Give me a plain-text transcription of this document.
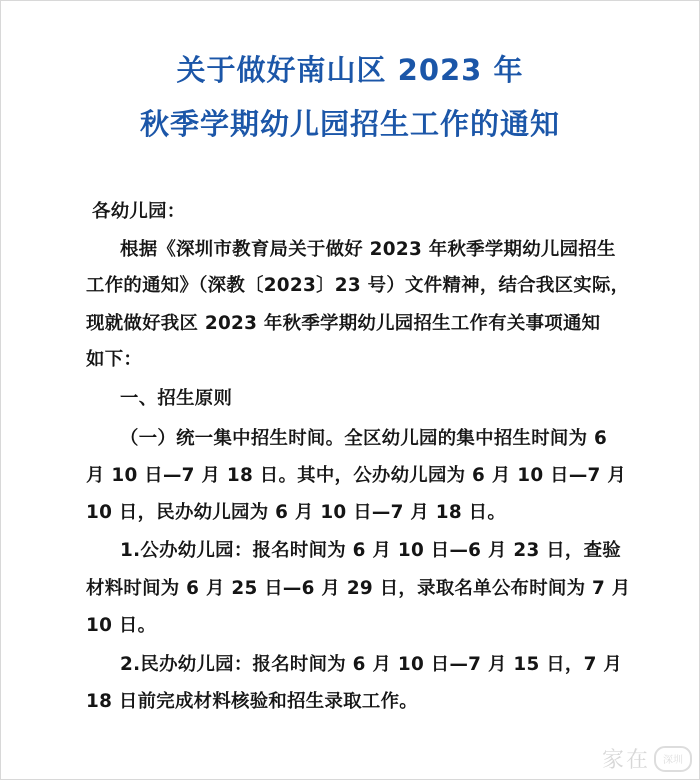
关于做好南山区 2023 年
秋季学期幼儿园招生工作的通知
各幼儿园：
根据《深圳市教育局关于做好 2023 年秋季学期幼儿园招生
工作的通知》（深教〔2023〕23 号）文件精神，结合我区实际，
现就做好我区 2023 年秋季学期幼儿园招生工作有关事项通知
如下：
一、招生原则
（一）统一集中招生时间。全区幼儿园的集中招生时间为 6
月 10 日—7 月 18 日。其中，公办幼儿园为 6 月 10 日—7 月
10 日，民办幼儿园为 6 月 10 日—7 月 18 日。
1.公办幼儿园：报名时间为 6 月 10 日—6 月 23 日，查验
材料时间为 6 月 25 日—6 月 29 日，录取名单公布时间为 7 月
10 日。
2.民办幼儿园：报名时间为 6 月 10 日—7 月 15 日，7 月
18 日前完成材料核验和招生录取工作。
家在	深圳
